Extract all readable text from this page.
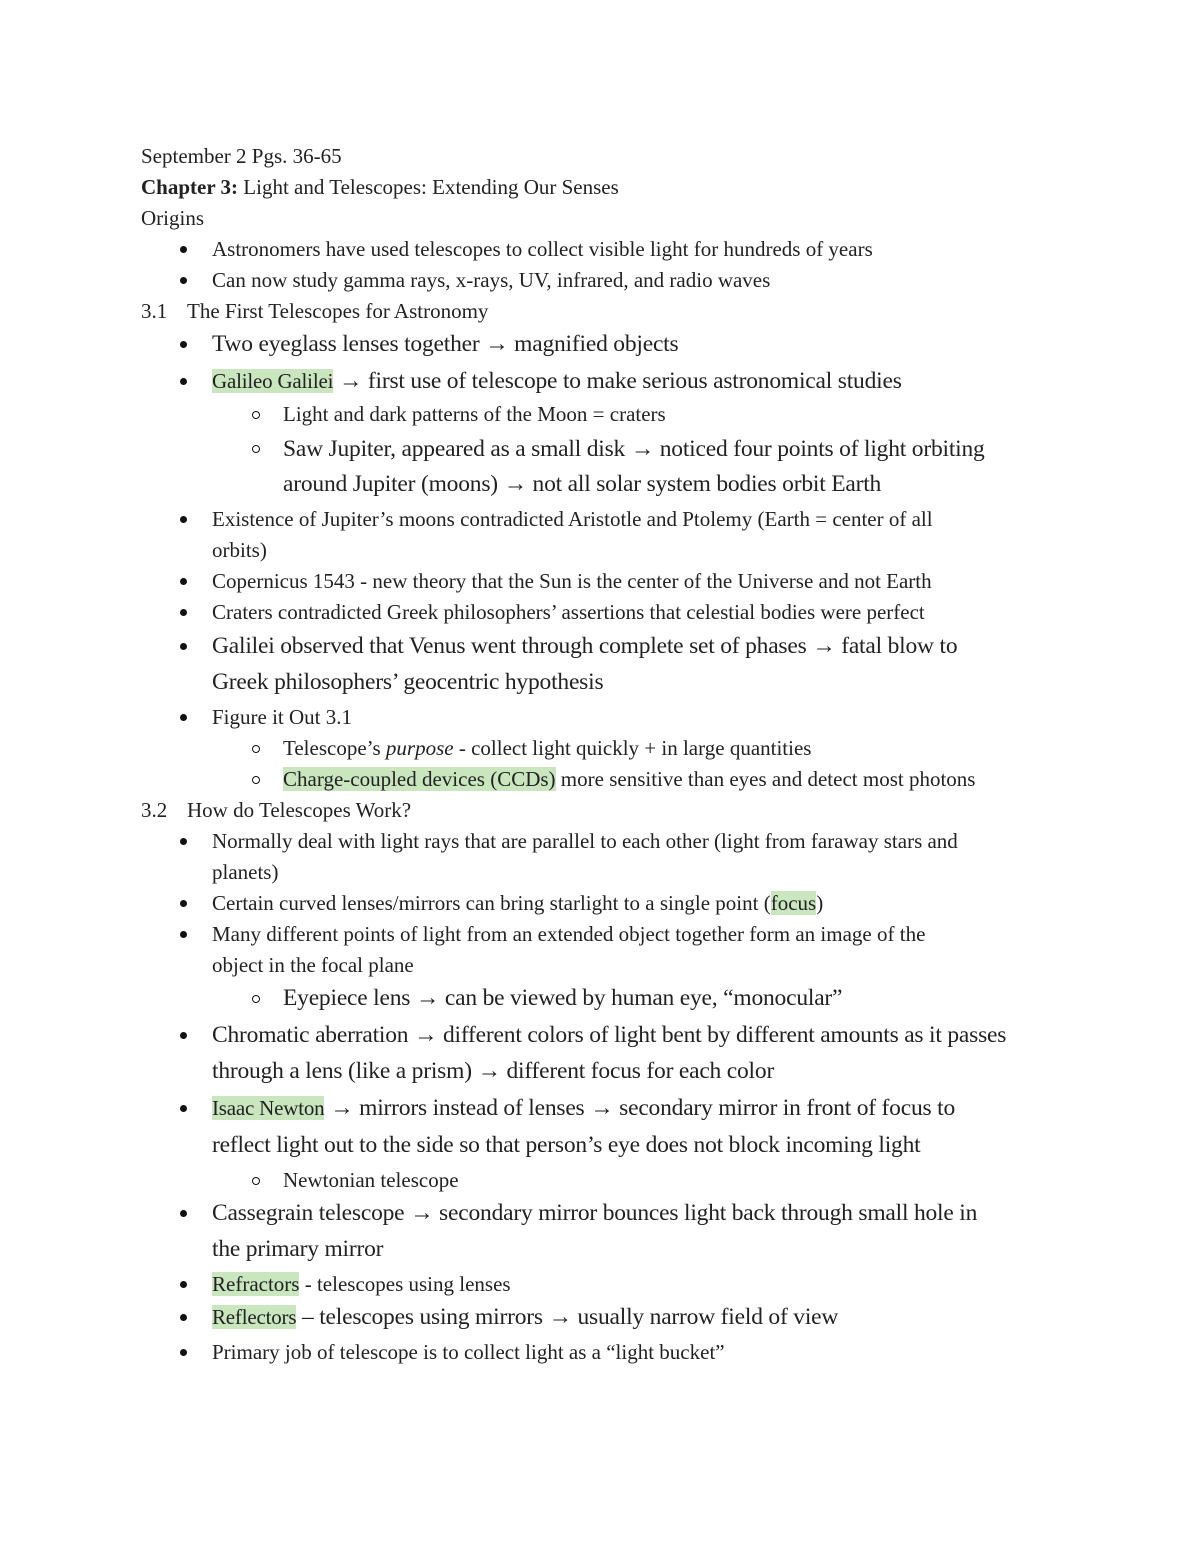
September 2 Pgs. 36-65
Chapter 3: Light and Telescopes: Extending Our Senses
Origins
Astronomers have used telescopes to collect visible light for hundreds of years
Can now study gamma rays, x-rays, UV, infrared, and radio waves
3.1 The First Telescopes for Astronomy
Two eyeglass lenses together → magnified objects
Galileo Galilei → first use of telescope to make serious astronomical studies
Light and dark patterns of the Moon = craters
Saw Jupiter, appeared as a small disk → noticed four points of light orbiting
around Jupiter (moons) → not all solar system bodies orbit Earth
Existence of Jupiter’s moons contradicted Aristotle and Ptolemy (Earth = center of all
orbits)
Copernicus 1543 - new theory that the Sun is the center of the Universe and not Earth
Craters contradicted Greek philosophers’ assertions that celestial bodies were perfect
Galilei observed that Venus went through complete set of phases → fatal blow to
Greek philosophers’ geocentric hypothesis
Figure it Out 3.1
Telescope’s purpose - collect light quickly + in large quantities
Charge-coupled devices (CCDs) more sensitive than eyes and detect most photons
3.2 How do Telescopes Work?
Normally deal with light rays that are parallel to each other (light from faraway stars and
planets)
Certain curved lenses/mirrors can bring starlight to a single point (focus)
Many different points of light from an extended object together form an image of the
object in the focal plane
Eyepiece lens → can be viewed by human eye, “monocular”
Chromatic aberration → different colors of light bent by different amounts as it passes
through a lens (like a prism) → different focus for each color
Isaac Newton → mirrors instead of lenses → secondary mirror in front of focus to
reflect light out to the side so that person’s eye does not block incoming light
Newtonian telescope
Cassegrain telescope → secondary mirror bounces light back through small hole in
the primary mirror
Refractors - telescopes using lenses
Reflectors – telescopes using mirrors → usually narrow field of view
Primary job of telescope is to collect light as a “light bucket”
